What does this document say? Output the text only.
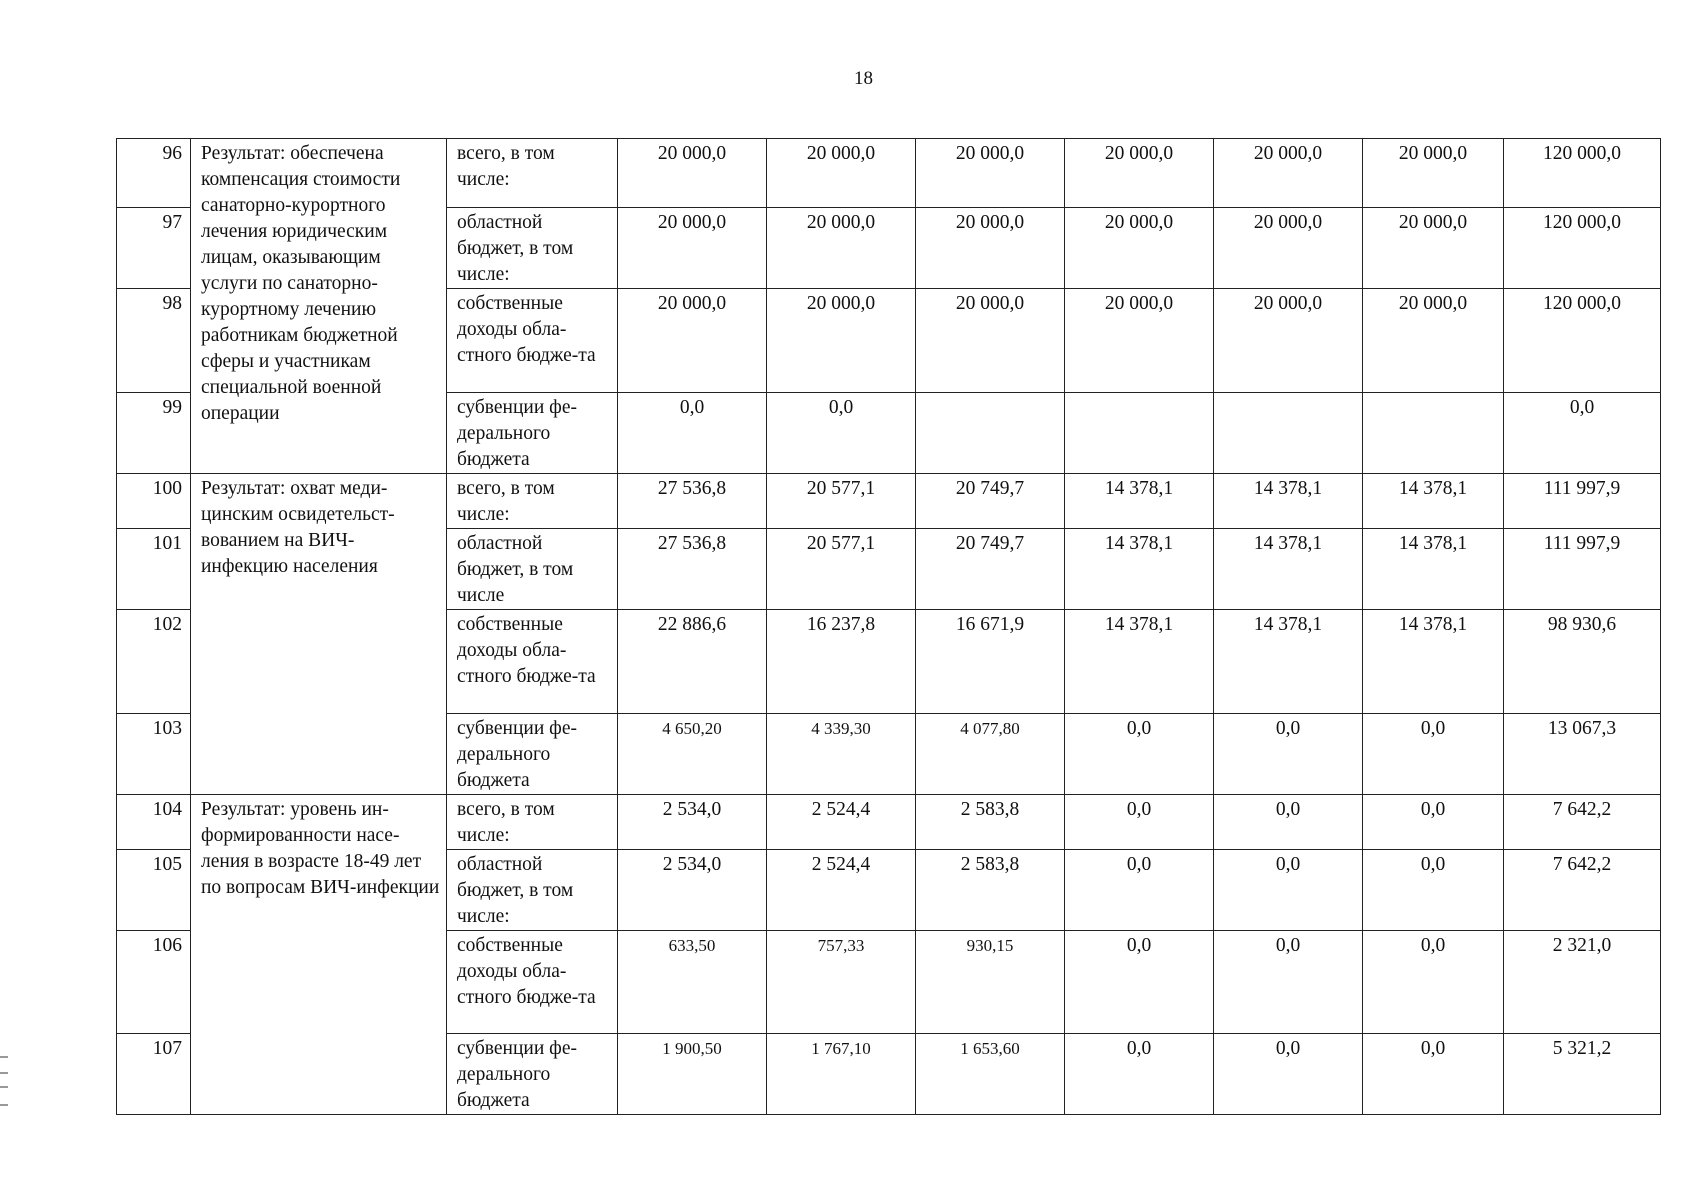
18
96	Результат: обеспечена компенсация стоимости санаторно-курортного лечения юридическим лицам, оказывающим услуги по санаторно-курортному лечению работникам бюджетной сферы и участникам специальной военной операции	всего, в том числе:	20 000,0	20 000,0	20 000,0	20 000,0	20 000,0	20 000,0	120 000,0
97		областной бюджет, в том числе:	20 000,0	20 000,0	20 000,0	20 000,0	20 000,0	20 000,0	120 000,0
98		собственные доходы обла-стного бюдже-та	20 000,0	20 000,0	20 000,0	20 000,0	20 000,0	20 000,0	120 000,0
99		субвенции фе-дерального бюджета	0,0	0,0					0,0
100	Результат: охват меди-цинским освидетельст-вованием на ВИЧ-инфекцию населения	всего, в том числе:	27 536,8	20 577,1	20 749,7	14 378,1	14 378,1	14 378,1	111 997,9
101		областной бюджет, в том числе	27 536,8	20 577,1	20 749,7	14 378,1	14 378,1	14 378,1	111 997,9
102		собственные доходы обла-стного бюдже-та	22 886,6	16 237,8	16 671,9	14 378,1	14 378,1	14 378,1	98 930,6
103		субвенции фе-дерального бюджета	4 650,20	4 339,30	4 077,80	0,0	0,0	0,0	13 067,3
104	Результат: уровень ин-формированности насе-ления в возрасте 18-49 лет по вопросам ВИЧ-инфекции	всего, в том числе:	2 534,0	2 524,4	2 583,8	0,0	0,0	0,0	7 642,2
105		областной бюджет, в том числе:	2 534,0	2 524,4	2 583,8	0,0	0,0	0,0	7 642,2
106		собственные доходы обла-стного бюдже-та	633,50	757,33	930,15	0,0	0,0	0,0	2 321,0
107		субвенции фе-дерального бюджета	1 900,50	1 767,10	1 653,60	0,0	0,0	0,0	5 321,2
